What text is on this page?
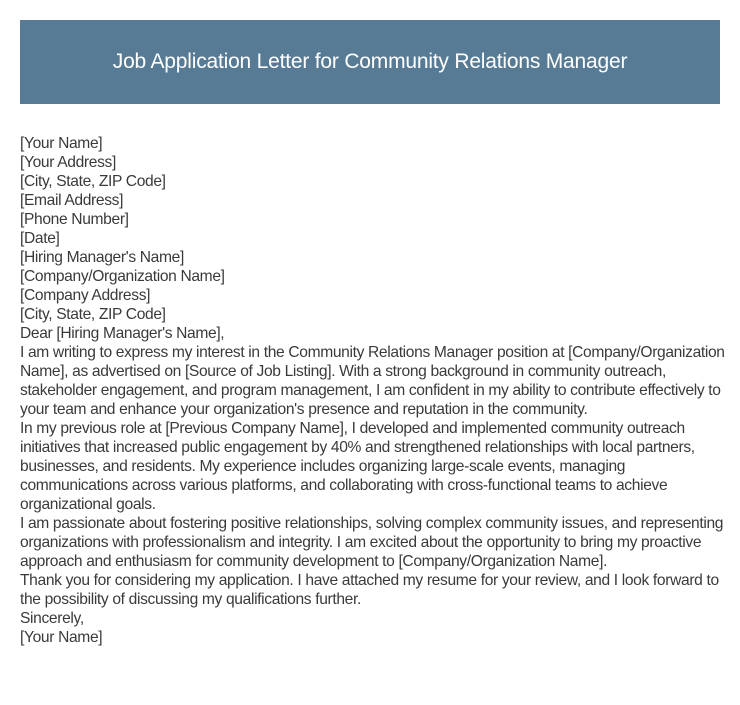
Job Application Letter for Community Relations Manager

[Your Name]

[Your Address]

[City, State, ZIP Code]

[Email Address]

[Phone Number]

[Date]

[Hiring Manager's Name]

[Company/Organization Name]

[Company Address]

[City, State, ZIP Code]

Dear [Hiring Manager's Name],

I am writing to express my interest in the Community Relations Manager position at [Company/Organization Name], as advertised on [Source of Job Listing]. With a strong background in community outreach, stakeholder engagement, and program management, I am confident in my ability to contribute effectively to your team and enhance your organization's presence and reputation in the community.

In my previous role at [Previous Company Name], I developed and implemented community outreach initiatives that increased public engagement by 40% and strengthened relationships with local partners, businesses, and residents. My experience includes organizing large-scale events, managing communications across various platforms, and collaborating with cross-functional teams to achieve organizational goals.

I am passionate about fostering positive relationships, solving complex community issues, and representing organizations with professionalism and integrity. I am excited about the opportunity to bring my proactive approach and enthusiasm for community development to [Company/Organization Name].

Thank you for considering my application. I have attached my resume for your review, and I look forward to the possibility of discussing my qualifications further.

Sincerely,

[Your Name]
